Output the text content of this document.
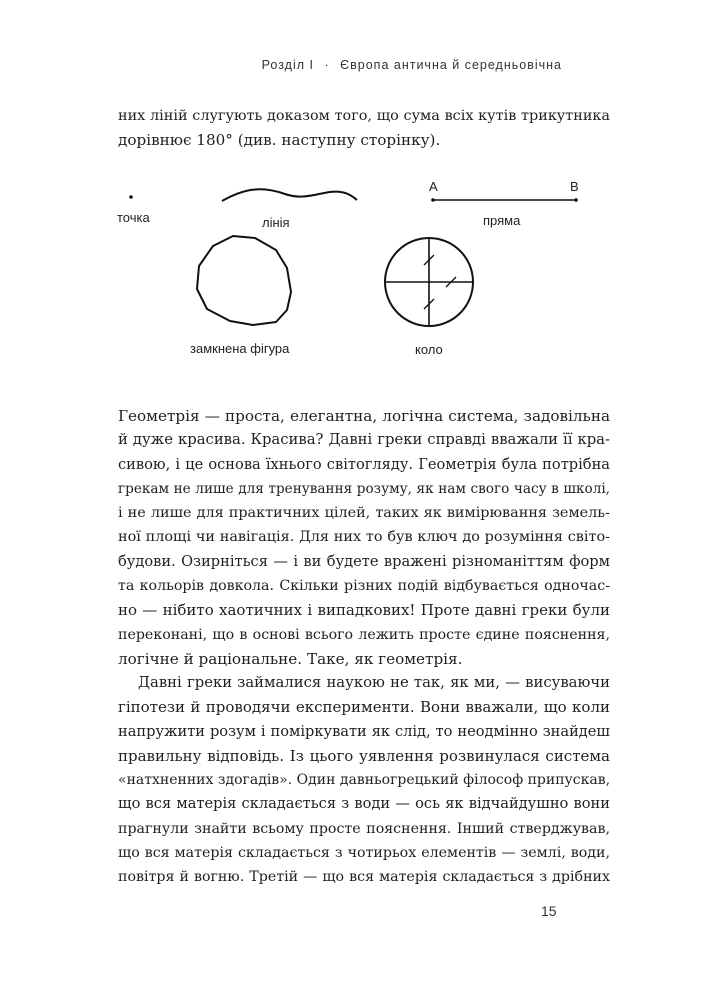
Розділ І · Європа антична й середньовічна
них ліній слугують доказом того, що сума всіх кутів трикутника
дорівнює 180° (див. наступну сторінку).
точка	лінія
A	B
пряма
замкнена фігура	коло
Геометрія — проста, елегантна, логічна система, задовільна
й дуже красива. Красива? Давні греки справді вважали її кра-
сивою, і це основа їхнього світогляду. Геометрія була потрібна
грекам не лише для тренування розуму, як нам свого часу в школі,
і не лише для практичних цілей, таких як вимірювання земель-
ної площі чи навігація. Для них то був ключ до розуміння світо-
будови. Озирніться — і ви будете вражені різноманіттям форм
та кольорів довкола. Скільки різних подій відбувається одночас-
но — нібито хаотичних і випадкових! Проте давні греки були
переконані, що в основі всього лежить просте єдине пояснення,
логічне й раціональне. Таке, як геометрія.
Давні греки займалися наукою не так, як ми, — висуваючи
гіпотези й проводячи експерименти. Вони вважали, що коли
напружити розум і поміркувати як слід, то неодмінно знайдеш
правильну відповідь. Із цього уявлення розвинулася система
«натхненних здогадів». Один давньогрецький філософ припускав,
що вся матерія складається з води — ось як відчайдушно вони
прагнули знайти всьому просте пояснення. Інший стверджував,
що вся матерія складається з чотирьох елементів — землі, води,
повітря й вогню. Третій — що вся матерія складається з дрібних
15
